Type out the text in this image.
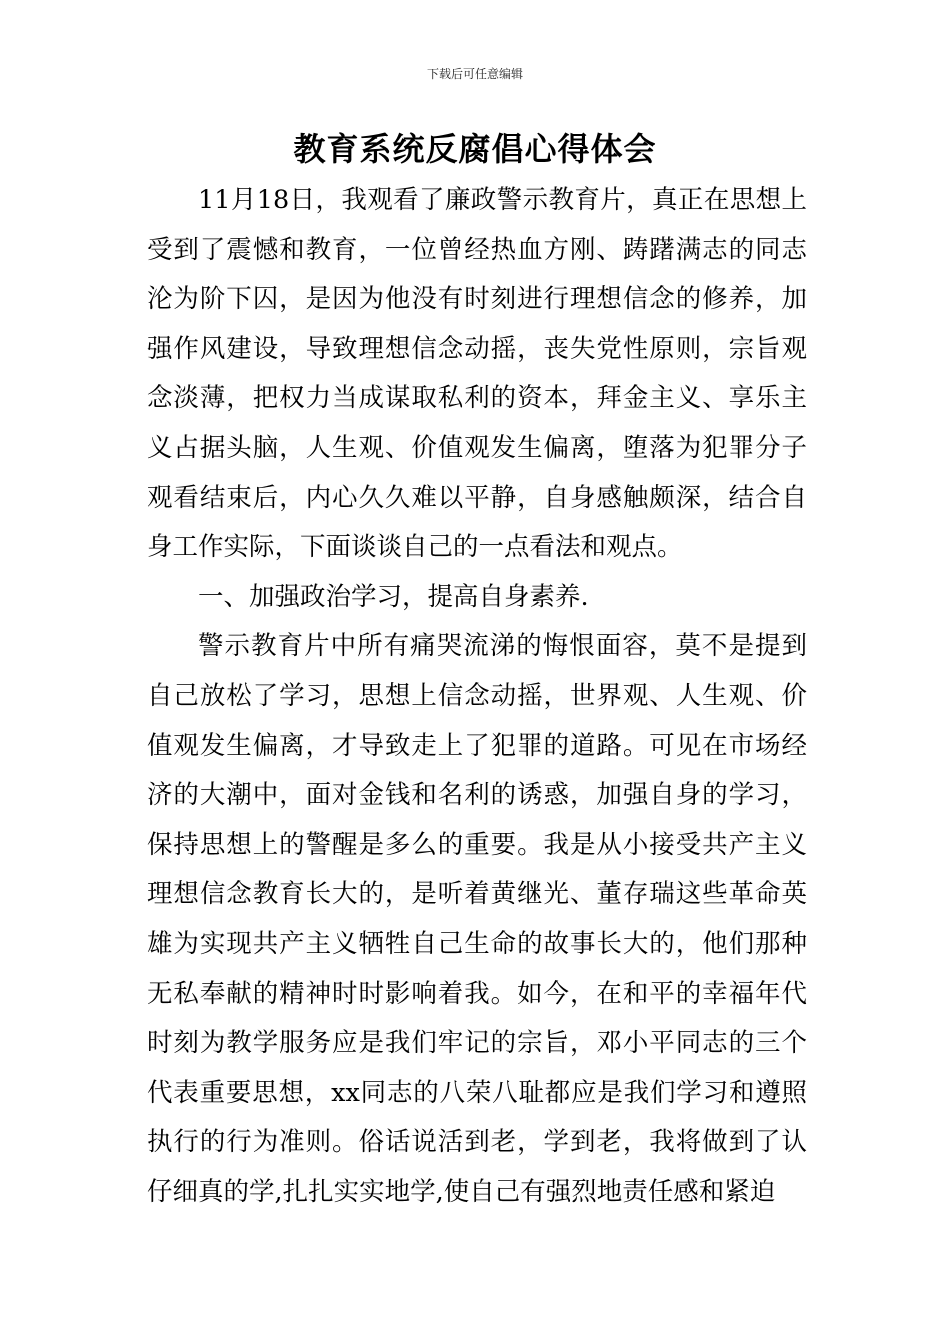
下载后可任意编辑
教育系统反腐倡心得体会

11月18日，我观看了廉政警示教育片，真正在思想上受到了震憾和教育，一位曾经热血方刚、踌躇满志的同志沦为阶下囚，是因为他没有时刻进行理想信念的修养，加强作风建设，导致理想信念动摇，丧失党性原则，宗旨观念淡薄，把权力当成谋取私利的资本，拜金主义、享乐主义占据头脑，人生观、价值观发生偏离，堕落为犯罪分子观看结束后，内心久久难以平静，自身感触颇深，结合自身工作实际，下面谈谈自己的一点看法和观点。

一、加强政治学习，提高自身素养.

警示教育片中所有痛哭流涕的悔恨面容，莫不是提到自己放松了学习，思想上信念动摇，世界观、人生观、价值观发生偏离，才导致走上了犯罪的道路。可见在市场经济的大潮中，面对金钱和名利的诱惑，加强自身的学习，保持思想上的警醒是多么的重要。我是从小接受共产主义理想信念教育长大的，是听着黄继光、董存瑞这些革命英雄为实现共产主义牺牲自己生命的故事长大的，他们那种无私奉献的精神时时影响着我。如今，在和平的幸福年代时刻为教学服务应是我们牢记的宗旨，邓小平同志的三个代表重要思想，xx同志的八荣八耻都应是我们学习和遵照执行的行为准则。俗话说活到老，学到老，我将做到了认仔细真的学,扎扎实实地学,使自己有强烈地责任感和紧迫
